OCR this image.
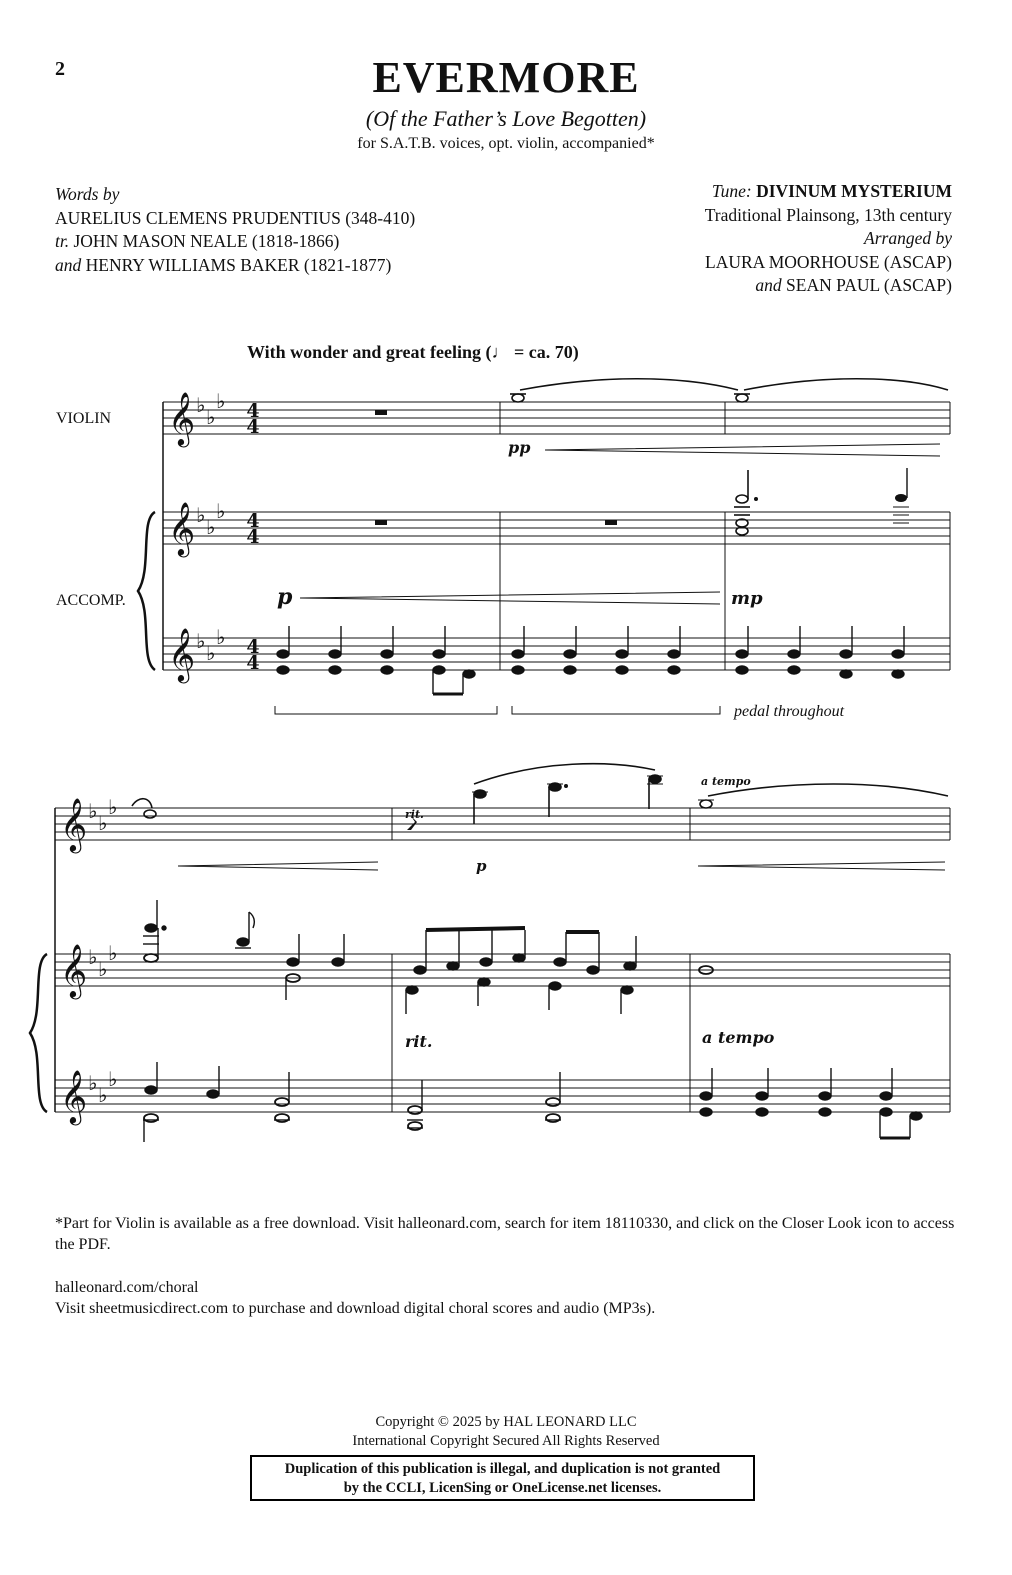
2	EVERMORE
(Of the Father’s Love Begotten)
for S.A.T.B. voices, opt. violin, accompanied*
Words by
AURELIUS CLEMENS PRUDENTIUS (348-410)
tr. JOHN MASON NEALE (1818-1866)
and HENRY WILLIAMS BAKER (1821-1877)
Tune: DIVINUM MYSTERIUM
Traditional Plainsong, 13th century
Arranged by
LAURA MOORHOUSE (ASCAP)
and SEAN PAUL (ASCAP)
With wonder and great feeling (♩ = ca. 70)
VIOLIN
ACCOMP.
𝄞
𝄞
𝄞
𝄞
𝄞
𝄞
♭ ♭
♭
♭ ♭
♭
♭ ♭
♭
♭ ♭
♭
♭ ♭
♭
♭ ♭
♭
4
4
4
4
4
4
pp
p	mp
pedal throughout
rit.
p
a tempo
rit.	a tempo
*Part for Violin is available as a free download. Visit halleonard.com, search for item 18110330, and click on the Closer Look icon to access the PDF.
halleonard.com/choral
Visit sheetmusicdirect.com to purchase and download digital choral scores and audio (MP3s).
Copyright © 2025 by HAL LEONARD LLC
International Copyright Secured All Rights Reserved
Duplication of this publication is illegal, and duplication is not granted
by the CCLI, LicenSing or OneLicense.net licenses.
